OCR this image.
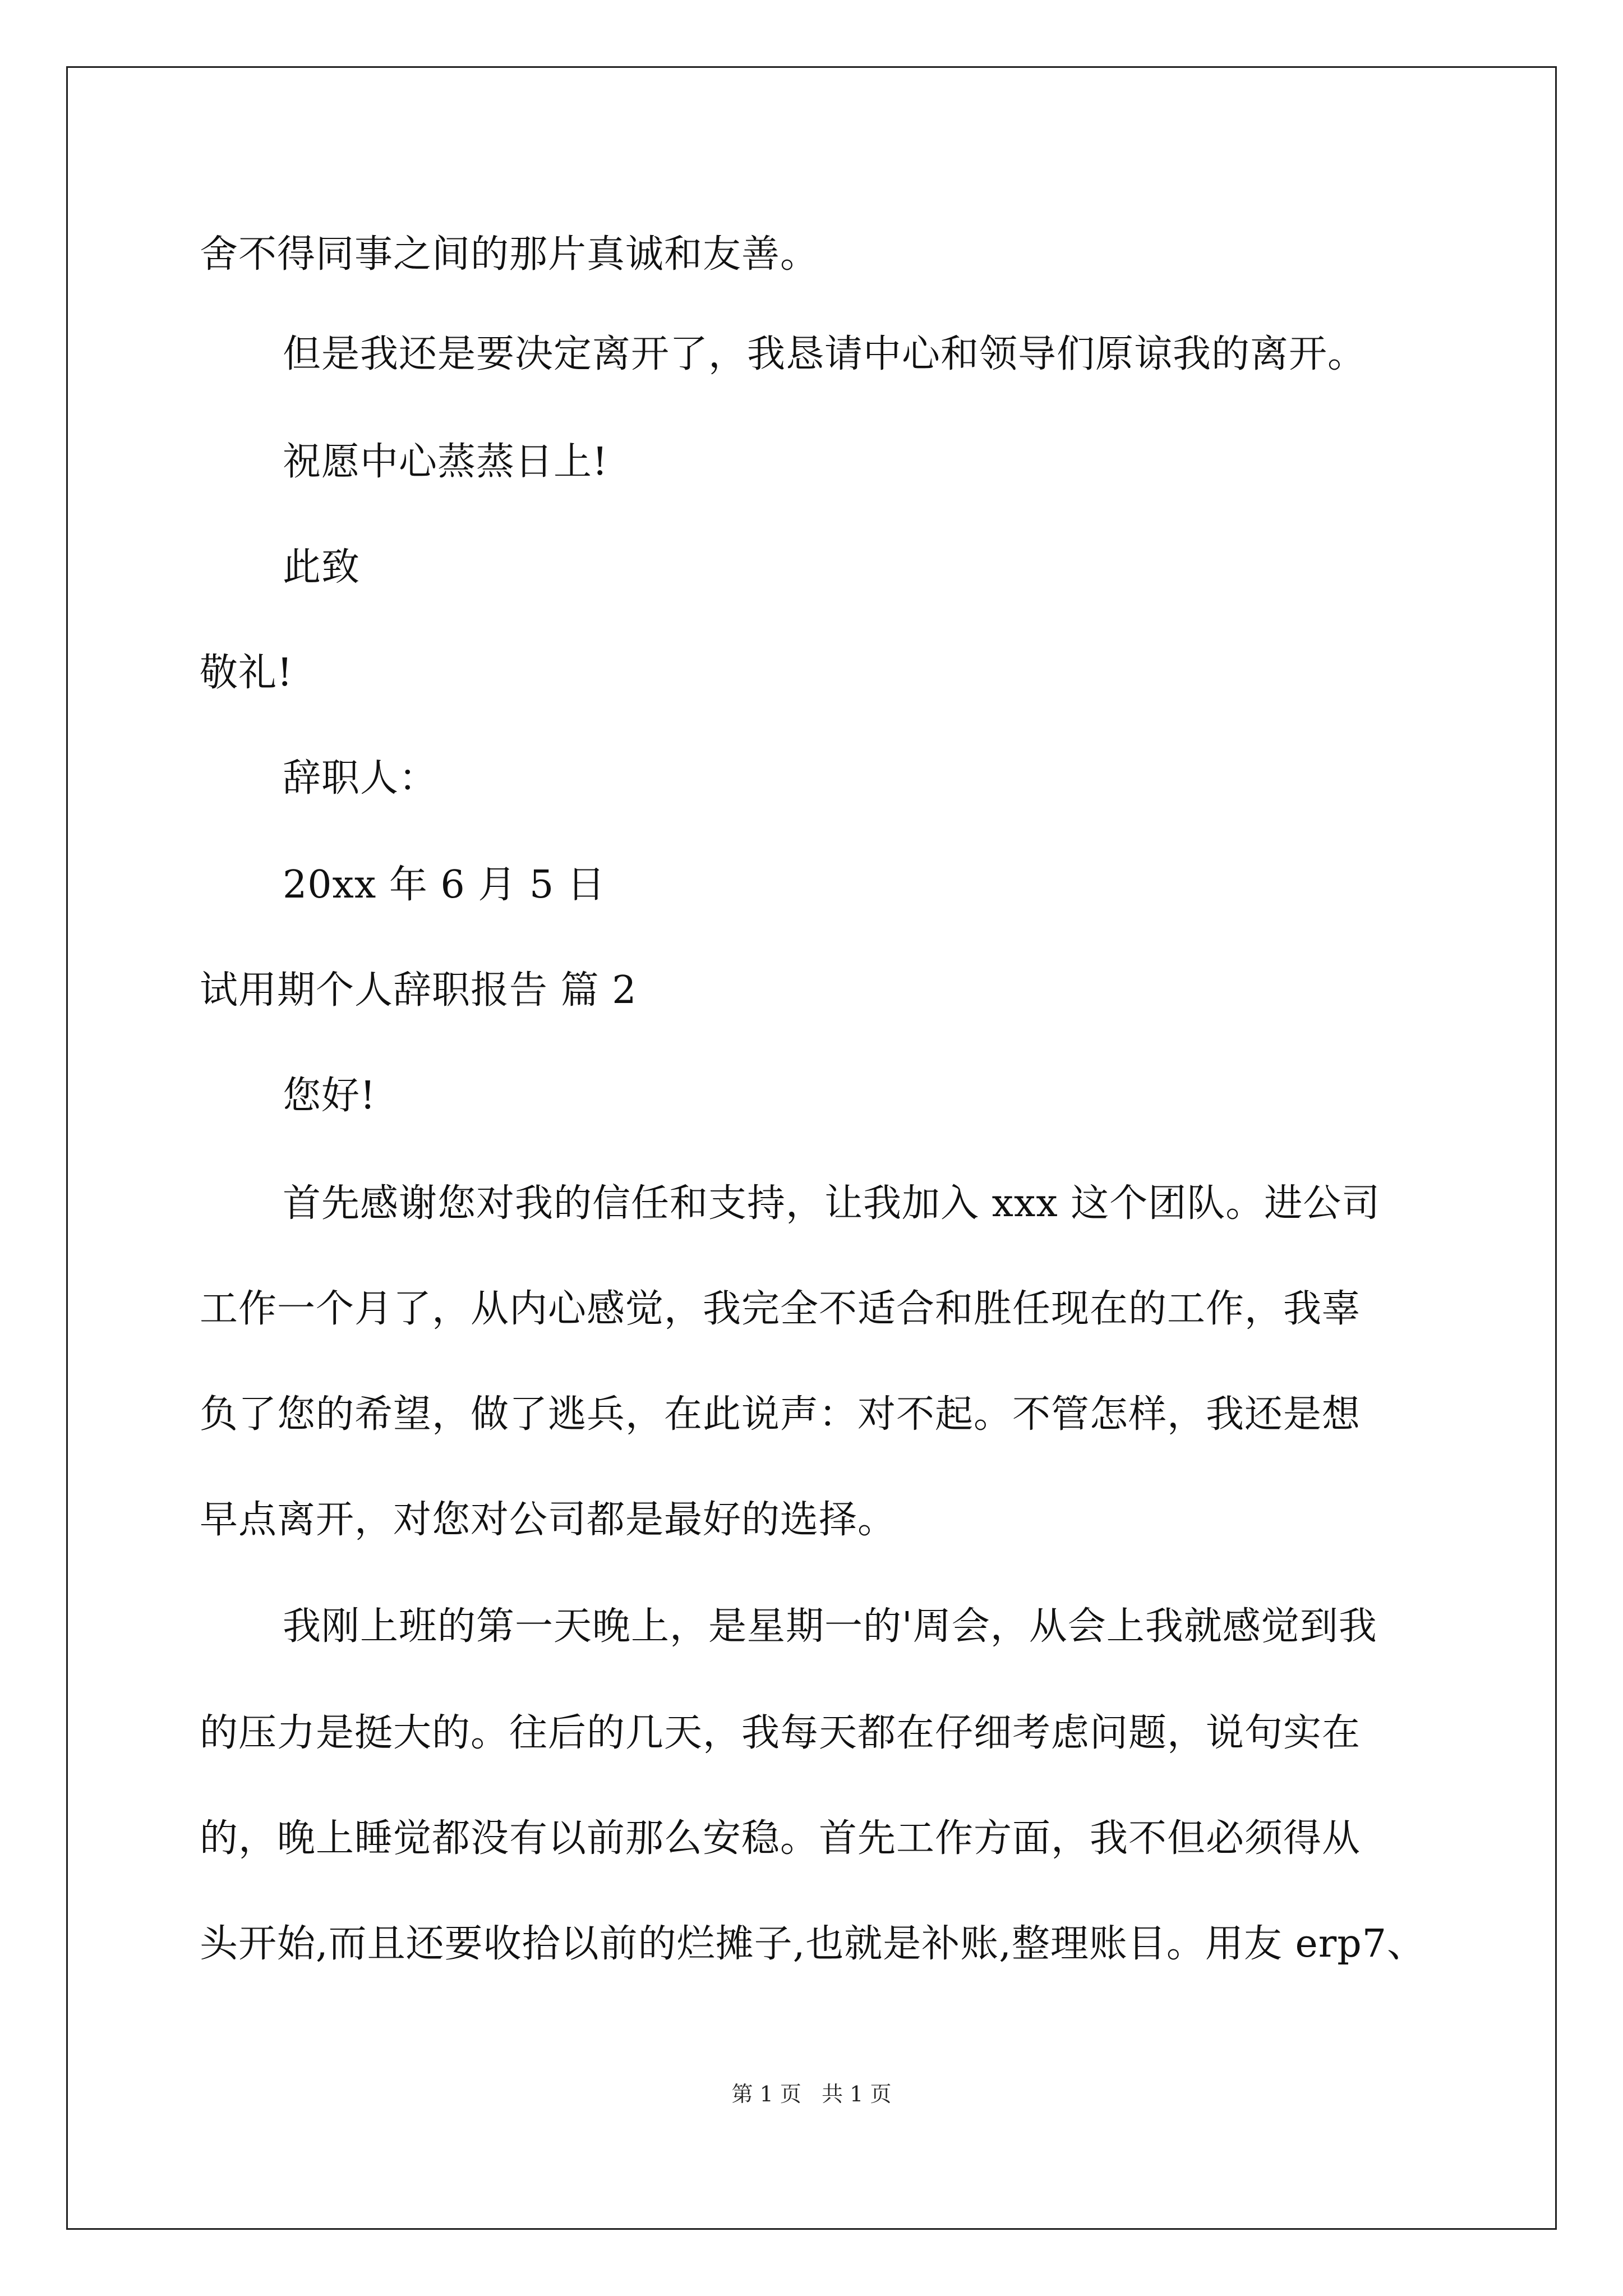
舍不得同事之间的那片真诚和友善。
但是我还是要决定离开了，我恳请中心和领导们原谅我的离开。
祝愿中心蒸蒸日上!
此致
敬礼!
辞职人：
20xx 年 6 月 5 日
试用期个人辞职报告 篇 2
您好!
首先感谢您对我的信任和支持，让我加入 xxx 这个团队。进公司
工作一个月了，从内心感觉，我完全不适合和胜任现在的工作，我辜
负了您的希望，做了逃兵，在此说声：对不起。不管怎样，我还是想
早点离开，对您对公司都是最好的选择。
我刚上班的第一天晚上，是星期一的'周会，从会上我就感觉到我
的压力是挺大的。往后的几天，我每天都在仔细考虑问题，说句实在
的，晚上睡觉都没有以前那么安稳。首先工作方面，我不但必须得从
头开始,而且还要收拾以前的烂摊子,也就是补账,整理账目。用友 erp7、
第 1 页   共 1 页
